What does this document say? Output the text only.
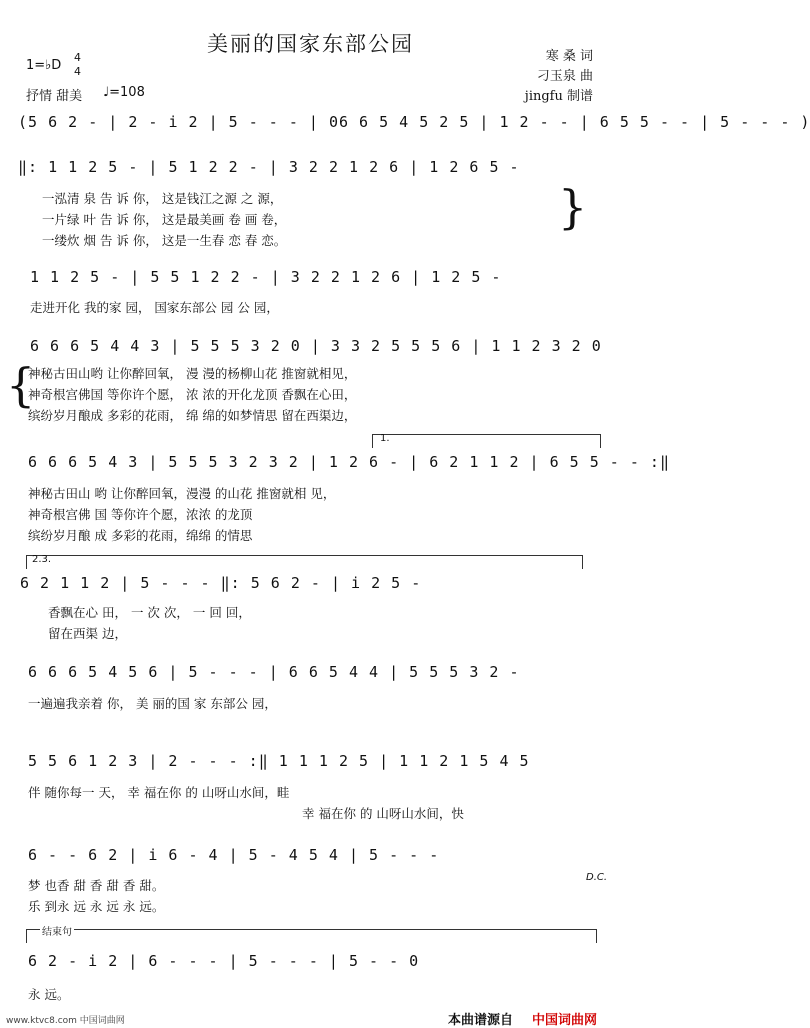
美丽的国家东部公园
1=♭D
4
4
抒情 甜美 ♩=108
寒 桑 词
刁玉泉 曲
jingfu 制谱
(5 6 2 - | 2 - i 2 | 5 - - - | 06 6 5 4 5 2 5 | 1 2 - - | 6 5 5 - - | 5 - - - )
‖: 1 1 2 5 - | 5 1 2 2 - | 3 2 2 1 2 6 | 1 2 6 5 -
一泓清 泉 告 诉 你， 这是钱江之源 之 源，
一片绿 叶 告 诉 你， 这是最美画 卷 画 卷，
一缕炊 烟 告 诉 你， 这是一生春 恋 春 恋。
}
1 1 2 5 - | 5 5 1 2 2 - | 3 2 2 1 2 6 | 1 2 5 -
走进开化 我的家 园， 国家东部公 园 公 园，
6 6 6 5 4 4 3 | 5 5 5 3 2 0 | 3 3 2 5 5 5 6 | 1 1 2 3 2 0
{
神秘古田山哟 让你醉回氧， 漫 漫的杨柳山花 推窗就相见，
神奇根宫佛国 等你许个愿， 浓 浓的开化龙顶 香飘在心田，
缤纷岁月酿成 多彩的花雨， 绵 绵的如梦情思 留在西渠边，
1.
6 6 6 5 4 3 | 5 5 5 3 2 3 2 | 1 2 6 - | 6 2 1 1 2 | 6 5 5 - - :‖
神秘古田山 哟 让你醉回氧，漫漫 的山花 推窗就相 见，
神奇根宫佛 国 等你许个愿，浓浓 的龙顶
缤纷岁月酿 成 多彩的花雨，绵绵 的情思
2.3.
6 2 1 1 2 | 5 - - - ‖: 5 6 2 - | i 2 5 -
香飘在心 田， 一 次 次， 一 回 回，
留在西渠 边，
6 6 6 5 4 5 6 | 5 - - - | 6 6 5 4 4 | 5 5 5 3 2 -
一遍遍我亲着 你， 美 丽的国 家 东部公 园，
5 5 6 1 2 3 | 2 - - - :‖ 1 1 1 2 5 | 1 1 2 1 5 4 5
伴 随你每一 天， 幸 福在你 的 山呀山水间，畦
幸 福在你 的 山呀山水间，快
6 - - 6 2 | i 6 - 4 | 5 - 4 5 4 | 5 - - -
梦 也香 甜 香 甜 香 甜。
乐 到永 远 永 远 永 远。
D.C.
结束句
6 2 - i 2 | 6 - - - | 5 - - - | 5 - - 0
永 远。
www.ktvc8.com 中国词曲网	本曲谱源自 中国词曲网
